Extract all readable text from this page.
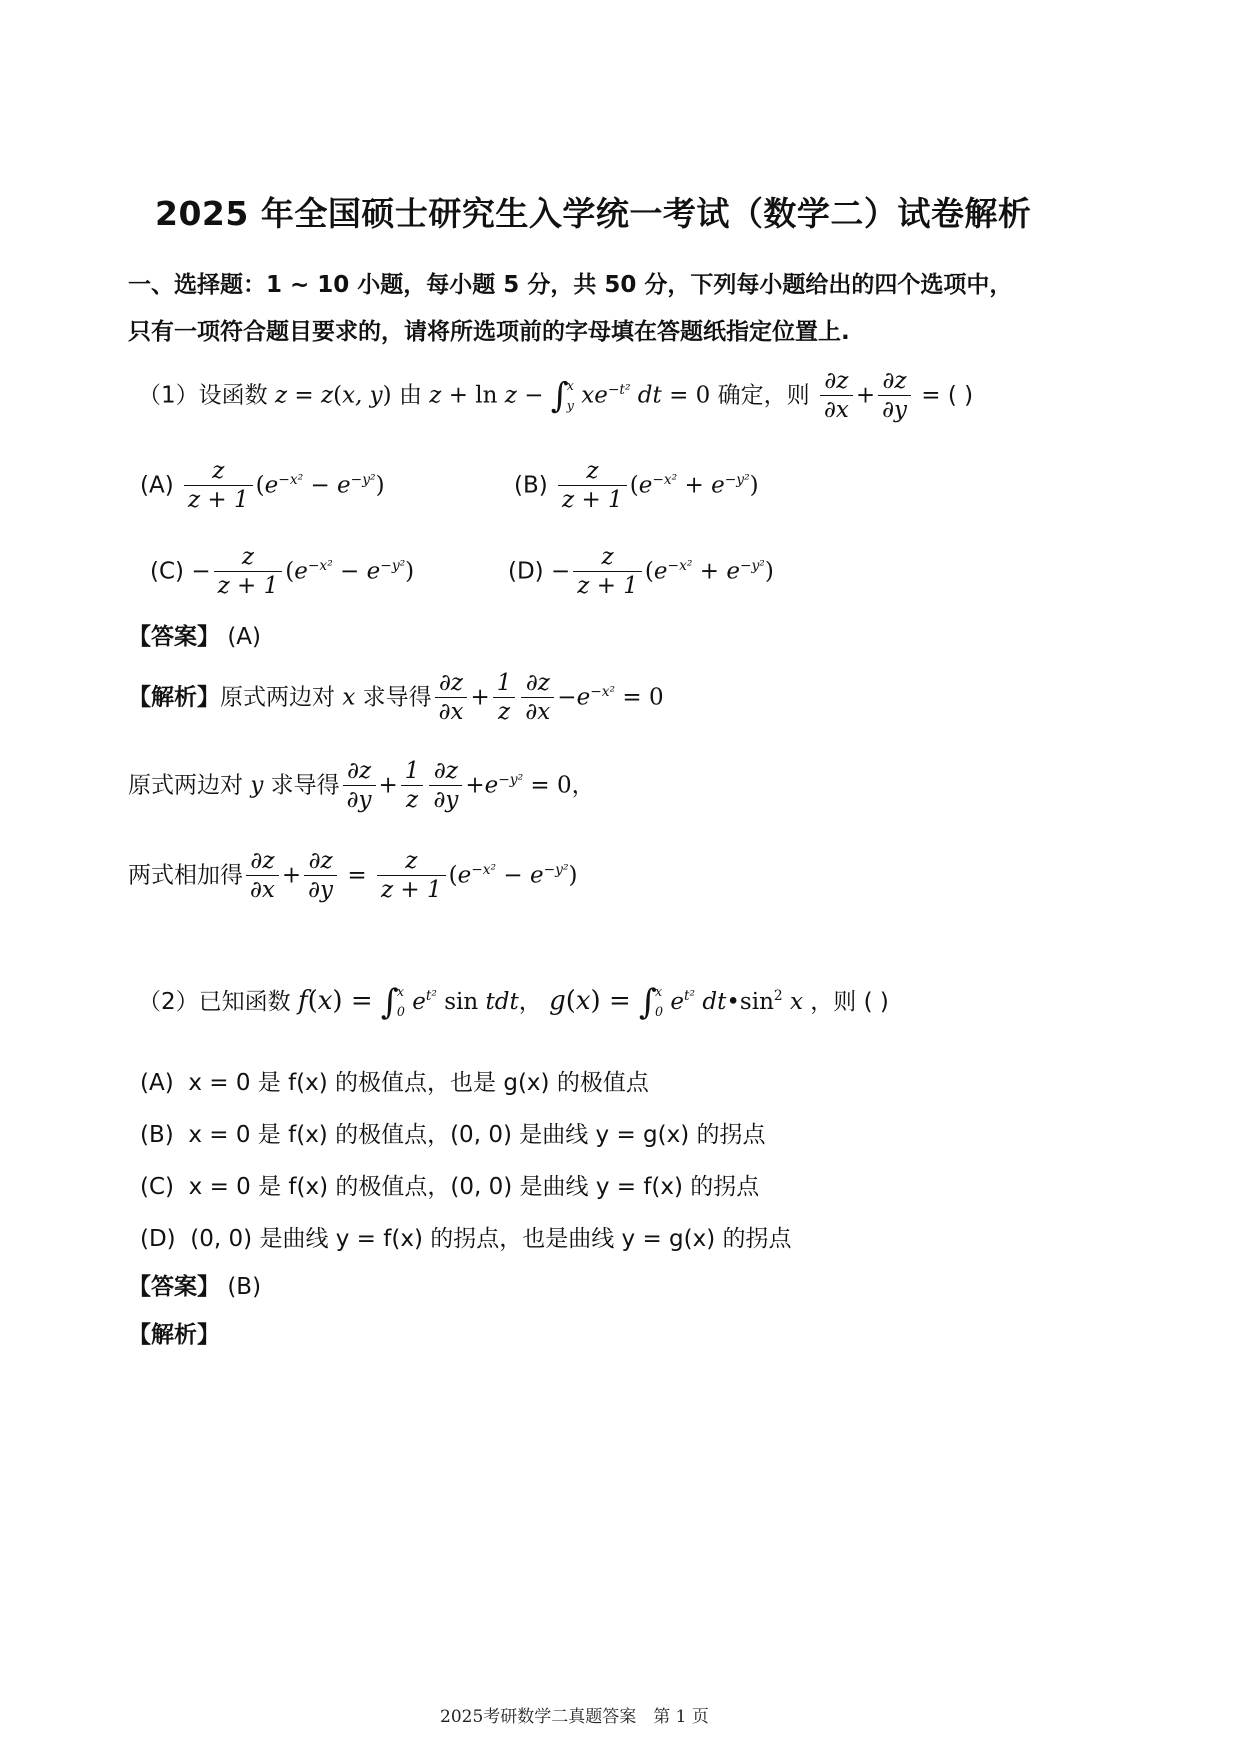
2025 年全国硕士研究生入学统一考试（数学二）试卷解析
一、选择题：1 ~ 10 小题，每小题 5 分，共 50 分，下列每小题给出的四个选项中，
只有一项符合题目要求的，请将所选项前的字母填在答题纸指定位置上.
（1）设函数 z = z(x, y) 由 z + ln z − ∫
x
y $xe^{-t^2}$ dt = 0 确定，则 $\frac{\partial z}{\partial x} + \frac{\partial z}{\partial y}$ = ( )
$(A) \frac{z}{z + 1} (e^{-x^2} - e^{-y^2})$	$(B) \frac{z}{z + 1} (e^{-x^2} + e^{-y^2})$
$(C) - \frac{z}{z + 1} (e^{-x^2} - e^{-y^2})$	$(D) - \frac{z}{z + 1} (e^{-x^2} + e^{-y^2})$
【答案】 (A)
【解析】原式两边对 x 求导得 $\frac{\partial z}{\partial x} + \frac{1}{z} \frac{\partial z}{\partial x} -e^{-x^2} = 0$
原式两边对 y 求导得 $\frac{\partial z}{\partial y} + \frac{1}{z} \frac{\partial z}{\partial y} +e^{-y^2} = 0$，
两式相加得 $\frac{\partial z}{\partial x} + \frac{\partial z}{\partial y} = \frac{z}{z + 1} (e^{-x^2} - e^{-y^2})$
（2）已知函数 f(x) = ∫
x
0 $e^{t^2}$ sin tdt， g(x) = ∫
x
0 $e^{t^2}$ $dt•\sin^2$ x ，则 ( )
(A) x = 0 是 f(x) 的极值点，也是 g(x) 的极值点
(B) x = 0 是 f(x) 的极值点，(0, 0) 是曲线 y = g(x) 的拐点
(C) x = 0 是 f(x) 的极值点，(0, 0) 是曲线 y = f(x) 的拐点
(D) (0, 0) 是曲线 y = f(x) 的拐点，也是曲线 y = g(x) 的拐点
【答案】 (B)
【解析】
2025考研数学二真题答案　第 1 页
